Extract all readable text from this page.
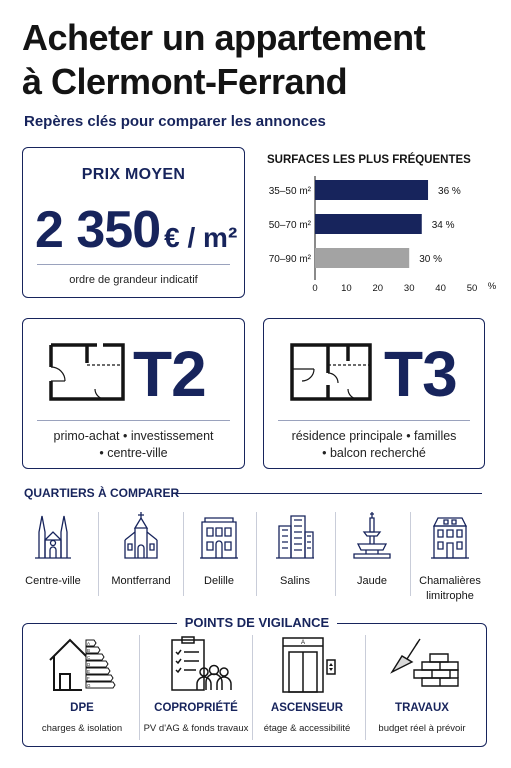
Acheter un appartement
à Clermont-Ferrand
Repères clés pour comparer les annonces
PRIX MOYEN
2 350 € / m²
ordre de grandeur indicatif
SURFACES LES PLUS FRÉQUENTES
35–50 m²	36 %
50–70 m²	34 %
70–90 m²	30 %
0 10 20 30 40 50 %
T2
primo-achat • investissement
• centre-ville
T3
résidence principale • familles
• balcon recherché
QUARTIERS À COMPARER
Centre-ville	Montferrand	Delille	Salins	Jaude	Chamalières limitrophe
POINTS DE VIGILANCE
A
B
C
D
E
F
G
DPE
charges & isolation
COPROPRIÉTÉ
PV d'AG & fonds travaux
A
ASCENSEUR
étage & accessibilité
TRAVAUX
budget réel à prévoir
